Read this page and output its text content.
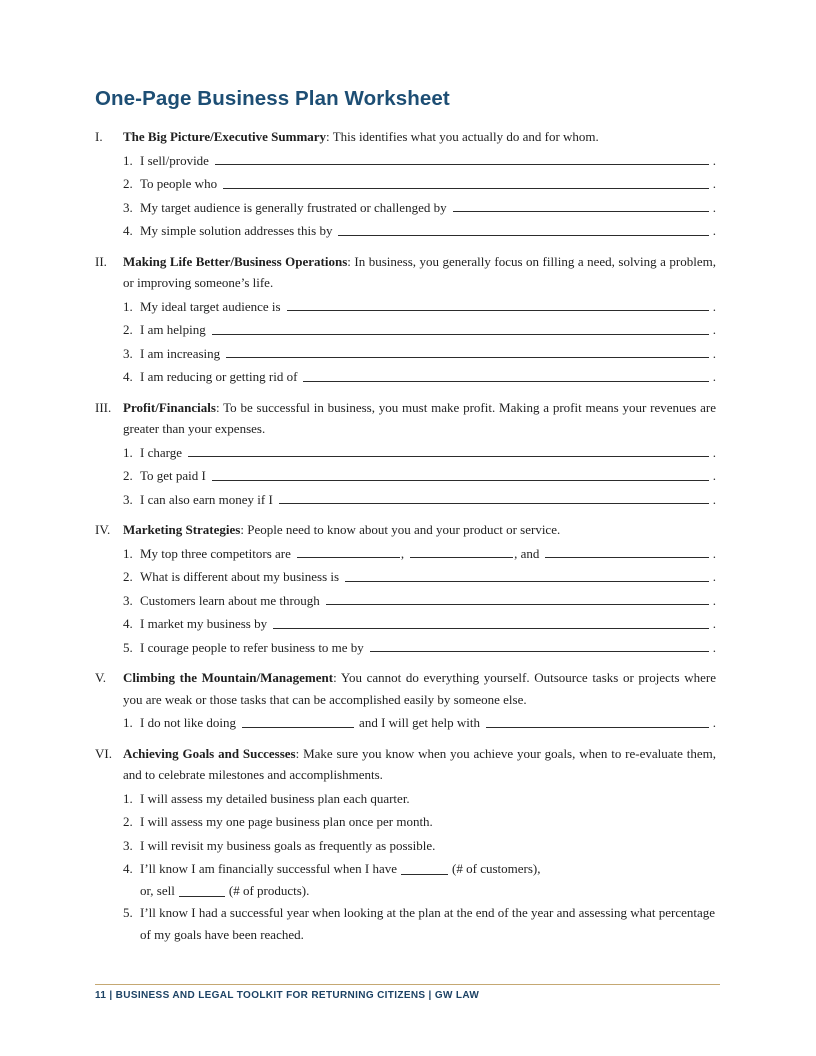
One-Page Business Plan Worksheet
I.	The Big Picture/Executive Summary: This identifies what you actually do and for whom.
1. I sell/provide	.
2. To people who	.
3. My target audience is generally frustrated or challenged by	.
4. My simple solution addresses this by	.
II.	Making Life Better/Business Operations: In business, you generally focus on filling a need, solving a problem, or improving someone’s life.
1. My ideal target audience is	.
2. I am helping	.
3. I am increasing	.
4. I am reducing or getting rid of	.
III. Profit/Financials: To be successful in business, you must make profit. Making a profit means your revenues are greater than your expenses.
1. I charge	.
2. To get paid I	.
3. I can also earn money if I	.
IV. Marketing Strategies: People need to know about you and your product or service.
1. My top three competitors are	,	, and	.
2. What is different about my business is	.
3. Customers learn about me through	.
4. I market my business by	.
5. I courage people to refer business to me by	.
V.	Climbing the Mountain/Management: You cannot do everything yourself. Outsource tasks or projects where you are weak or those tasks that can be accomplished easily by someone else.
1. I do not like doing	and I will get help with	.
VI. Achieving Goals and Successes: Make sure you know when you achieve your goals, when to re-evaluate them, and to celebrate milestones and accomplishments.
1. I will assess my detailed business plan each quarter.
2. I will assess my one page business plan once per month.
3. I will revisit my business goals as frequently as possible.
4. I’ll know I am financially successful when I have	(# of customers),
or, sell	(# of products).
5. I’ll know I had a successful year when looking at the plan at the end of the year and assessing what percentage of my goals have been reached.
11 | BUSINESS AND LEGAL TOOLKIT FOR RETURNING CITIZENS | GW LAW
